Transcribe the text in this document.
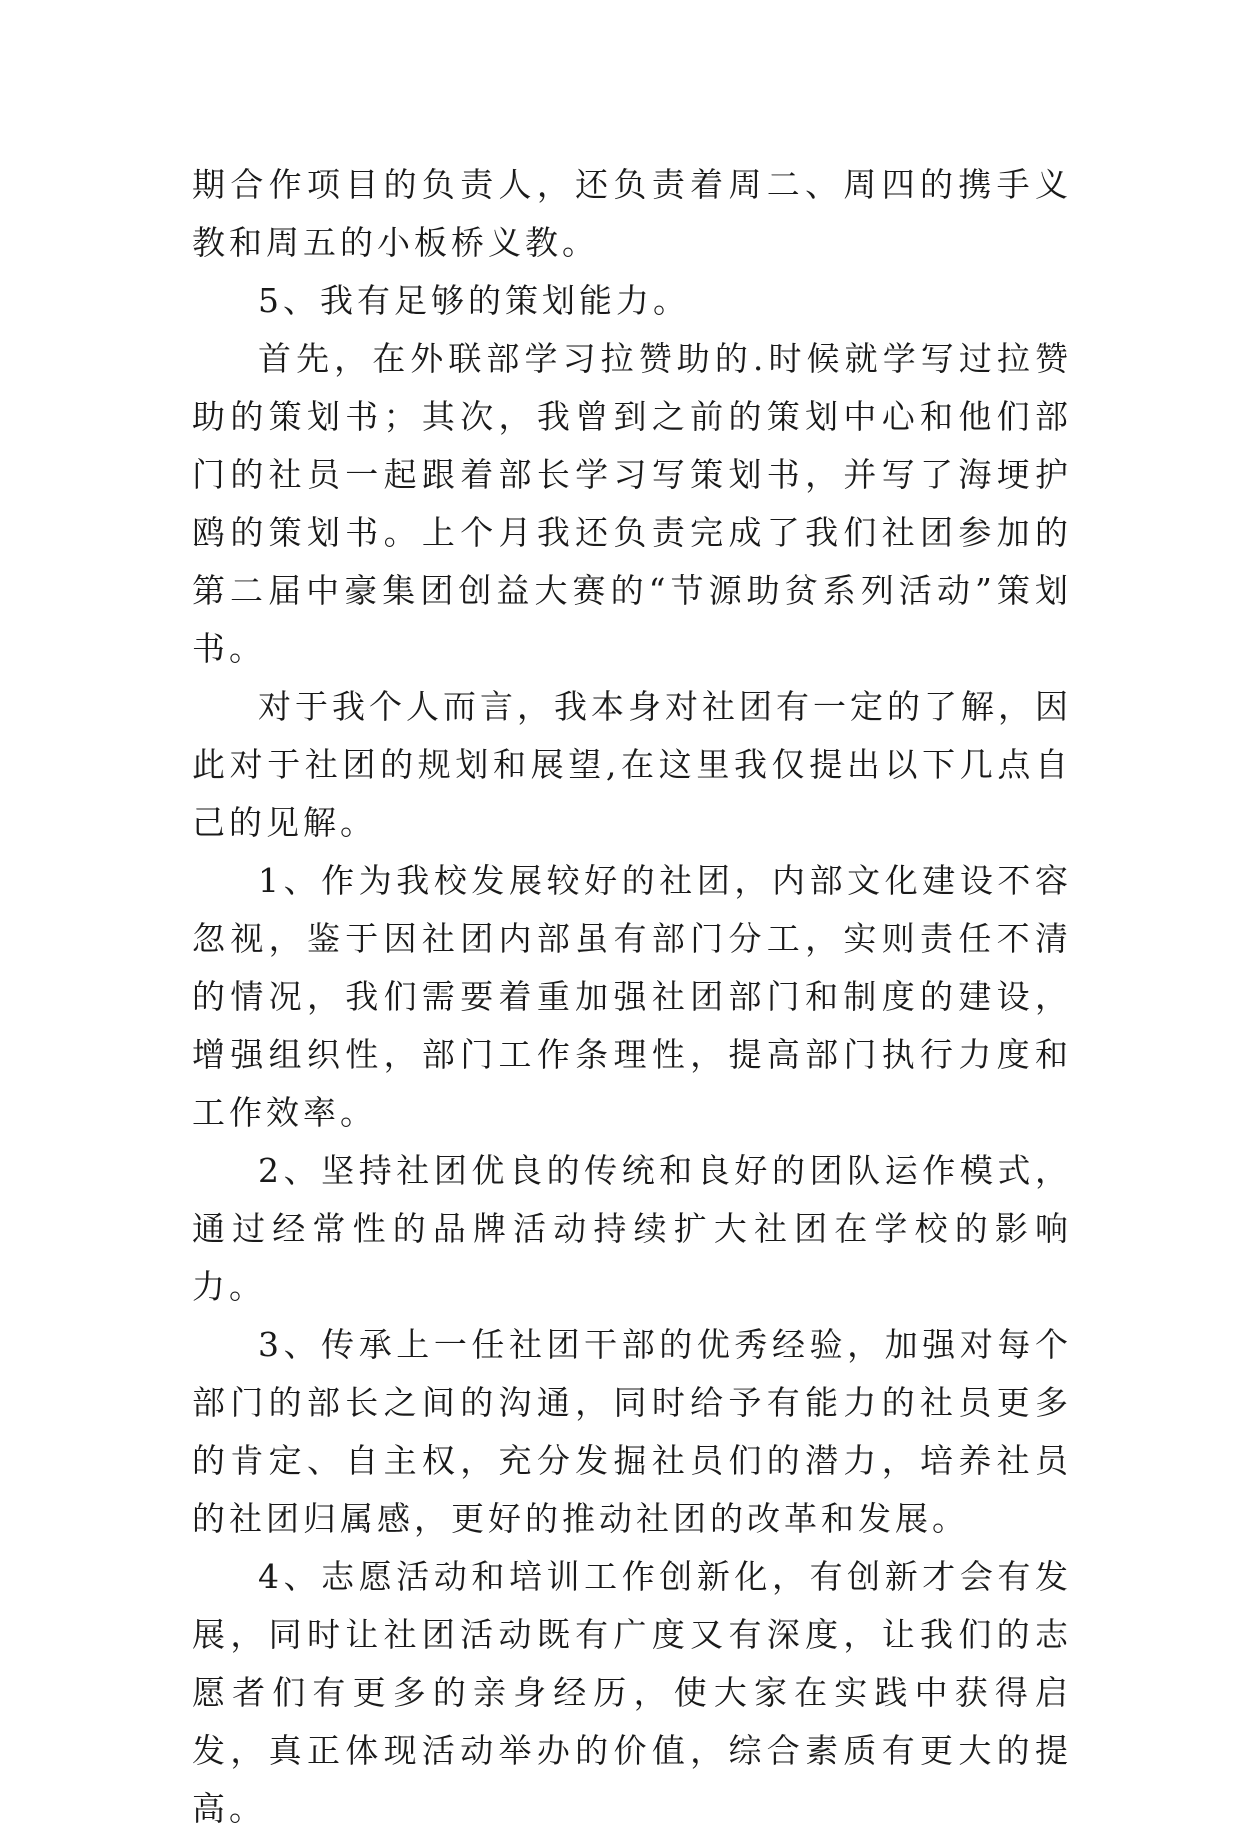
期合作项目的负责人，还负责着周二、周四的携手义教和周五的小板桥义教。

5、我有足够的策划能力。

首先，在外联部学习拉赞助的.时候就学写过拉赞助的策划书；其次，我曾到之前的策划中心和他们部门的社员一起跟着部长学习写策划书，并写了海埂护鸥的策划书。上个月我还负责完成了我们社团参加的第二届中豪集团创益大赛的“节源助贫系列活动”策划书。

对于我个人而言，我本身对社团有一定的了解，因此对于社团的规划和展望,在这里我仅提出以下几点自己的见解。

1、作为我校发展较好的社团，内部文化建设不容忽视，鉴于因社团内部虽有部门分工，实则责任不清的情况，我们需要着重加强社团部门和制度的建设，增强组织性，部门工作条理性，提高部门执行力度和工作效率。

2、坚持社团优良的传统和良好的团队运作模式，通过经常性的品牌活动持续扩大社团在学校的影响力。

3、传承上一任社团干部的优秀经验，加强对每个部门的部长之间的沟通，同时给予有能力的社员更多的肯定、自主权，充分发掘社员们的潜力，培养社员的社团归属感，更好的推动社团的改革和发展。

4、志愿活动和培训工作创新化，有创新才会有发展，同时让社团活动既有广度又有深度，让我们的志愿者们有更多的亲身经历，使大家在实践中获得启发，真正体现活动举办的价值，综合素质有更大的提高。
